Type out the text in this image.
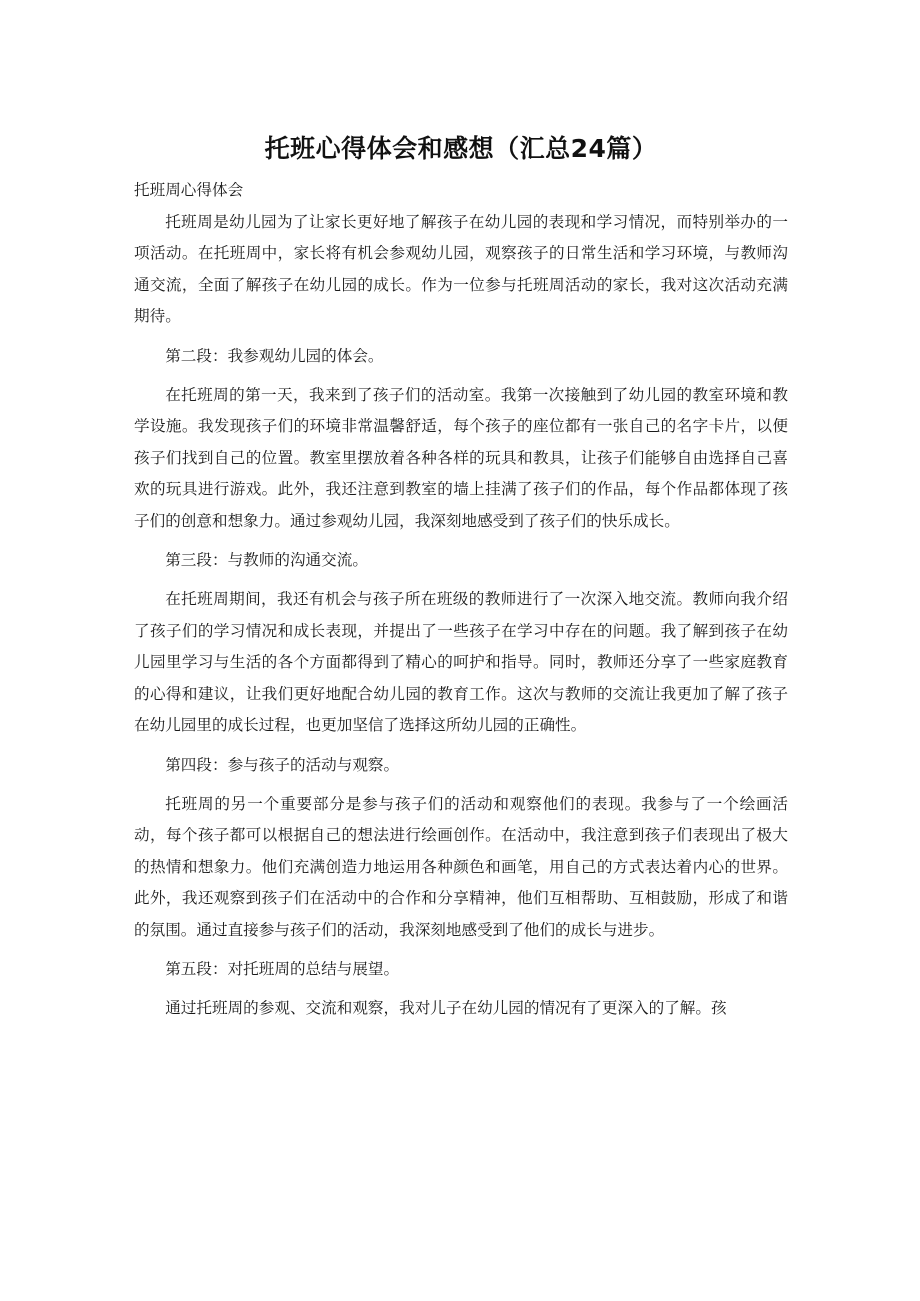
托班心得体会和感想（汇总24篇）

托班周心得体会

托班周是幼儿园为了让家长更好地了解孩子在幼儿园的表现和学习情况，而特别举办的一项活动。在托班周中，家长将有机会参观幼儿园，观察孩子的日常生活和学习环境，与教师沟通交流，全面了解孩子在幼儿园的成长。作为一位参与托班周活动的家长，我对这次活动充满期待。

第二段：我参观幼儿园的体会。

在托班周的第一天，我来到了孩子们的活动室。我第一次接触到了幼儿园的教室环境和教学设施。我发现孩子们的环境非常温馨舒适，每个孩子的座位都有一张自己的名字卡片，以便孩子们找到自己的位置。教室里摆放着各种各样的玩具和教具，让孩子们能够自由选择自己喜欢的玩具进行游戏。此外，我还注意到教室的墙上挂满了孩子们的作品，每个作品都体现了孩子们的创意和想象力。通过参观幼儿园，我深刻地感受到了孩子们的快乐成长。

第三段：与教师的沟通交流。

在托班周期间，我还有机会与孩子所在班级的教师进行了一次深入地交流。教师向我介绍了孩子们的学习情况和成长表现，并提出了一些孩子在学习中存在的问题。我了解到孩子在幼儿园里学习与生活的各个方面都得到了精心的呵护和指导。同时，教师还分享了一些家庭教育的心得和建议，让我们更好地配合幼儿园的教育工作。这次与教师的交流让我更加了解了孩子在幼儿园里的成长过程，也更加坚信了选择这所幼儿园的正确性。

第四段：参与孩子的活动与观察。

托班周的另一个重要部分是参与孩子们的活动和观察他们的表现。我参与了一个绘画活动，每个孩子都可以根据自己的想法进行绘画创作。在活动中，我注意到孩子们表现出了极大的热情和想象力。他们充满创造力地运用各种颜色和画笔，用自己的方式表达着内心的世界。此外，我还观察到孩子们在活动中的合作和分享精神，他们互相帮助、互相鼓励，形成了和谐的氛围。通过直接参与孩子们的活动，我深刻地感受到了他们的成长与进步。

第五段：对托班周的总结与展望。

通过托班周的参观、交流和观察，我对儿子在幼儿园的情况有了更深入的了解。孩
